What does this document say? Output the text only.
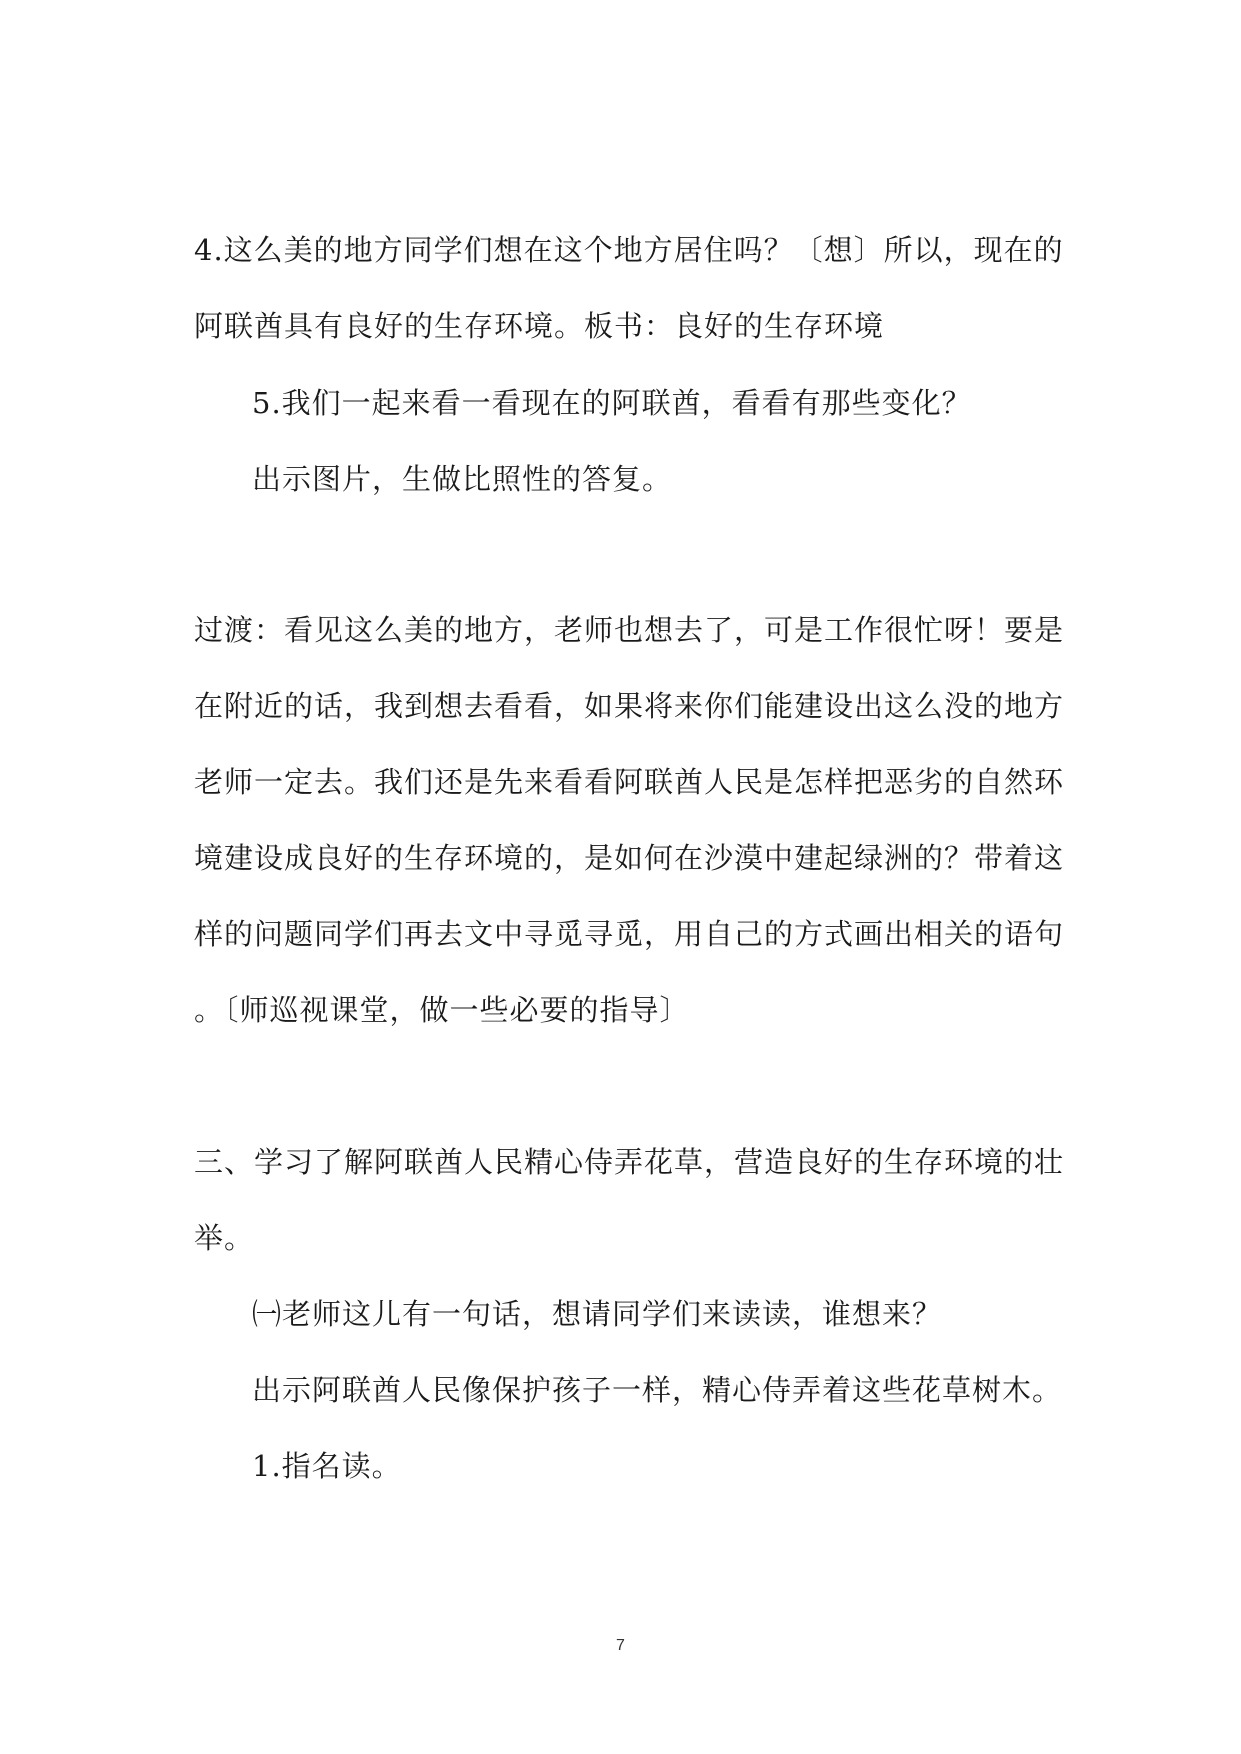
4.这么美的地方同学们想在这个地方居住吗？〔想〕所以，现在的
阿联酋具有良好的生存环境。板书：良好的生存环境
5.我们一起来看一看现在的阿联酋，看看有那些变化？
出示图片，生做比照性的答复。
过渡：看见这么美的地方，老师也想去了，可是工作很忙呀！要是
在附近的话，我到想去看看，如果将来你们能建设出这么没的地方
老师一定去。我们还是先来看看阿联酋人民是怎样把恶劣的自然环
境建设成良好的生存环境的，是如何在沙漠中建起绿洲的？带着这
样的问题同学们再去文中寻觅寻觅，用自己的方式画出相关的语句
。〔师巡视课堂，做一些必要的指导〕
三、学习了解阿联酋人民精心侍弄花草，营造良好的生存环境的壮
举。
㈠老师这儿有一句话，想请同学们来读读，谁想来？
出示阿联酋人民像保护孩子一样，精心侍弄着这些花草树木。
1.指名读。
7
